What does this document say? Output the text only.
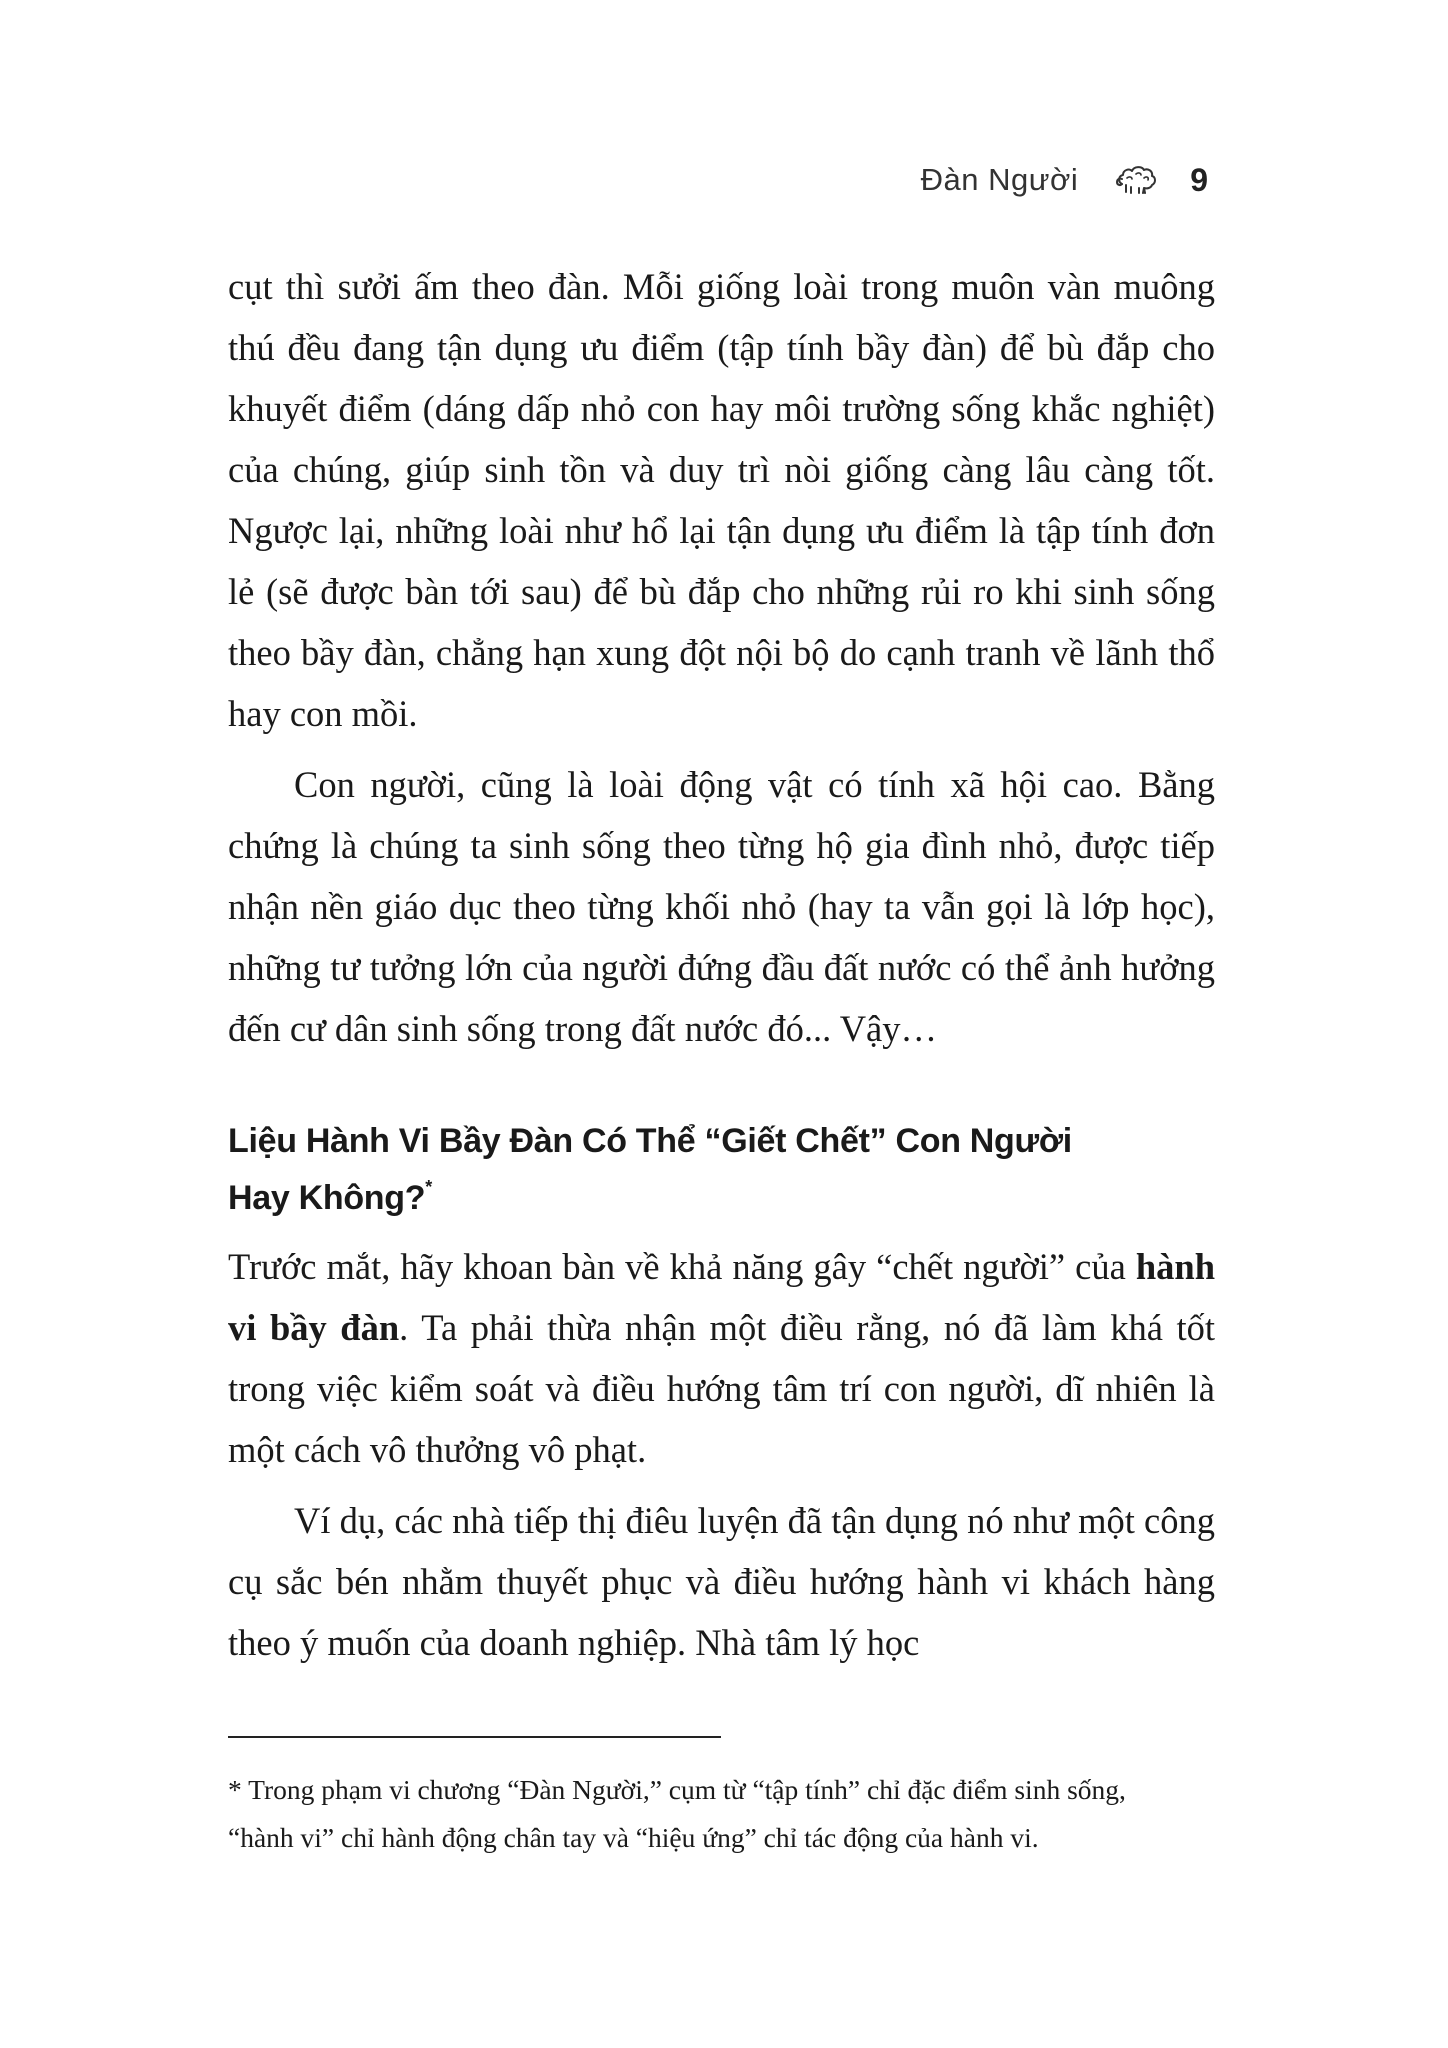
Đàn Người	9

cụt thì sưởi ấm theo đàn. Mỗi giống loài trong muôn vàn muông thú đều đang tận dụng ưu điểm (tập tính bầy đàn) để bù đắp cho khuyết điểm (dáng dấp nhỏ con hay môi trường sống khắc nghiệt) của chúng, giúp sinh tồn và duy trì nòi giống càng lâu càng tốt. Ngược lại, những loài như hổ lại tận dụng ưu điểm là tập tính đơn lẻ (sẽ được bàn tới sau) để bù đắp cho những rủi ro khi sinh sống theo bầy đàn, chẳng hạn xung đột nội bộ do cạnh tranh về lãnh thổ hay con mồi.

Con người, cũng là loài động vật có tính xã hội cao. Bằng chứng là chúng ta sinh sống theo từng hộ gia đình nhỏ, được tiếp nhận nền giáo dục theo từng khối nhỏ (hay ta vẫn gọi là lớp học), những tư tưởng lớn của người đứng đầu đất nước có thể ảnh hưởng đến cư dân sinh sống trong đất nước đó... Vậy…

Liệu Hành Vi Bầy Đàn Có Thể “Giết Chết” Con Người
Hay Không?*

Trước mắt, hãy khoan bàn về khả năng gây “chết người” của hành vi bầy đàn. Ta phải thừa nhận một điều rằng, nó đã làm khá tốt trong việc kiểm soát và điều hướng tâm trí con người, dĩ nhiên là một cách vô thưởng vô phạt.

Ví dụ, các nhà tiếp thị điêu luyện đã tận dụng nó như một công cụ sắc bén nhằm thuyết phục và điều hướng hành vi khách hàng theo ý muốn của doanh nghiệp. Nhà tâm lý học

* Trong phạm vi chương “Đàn Người,” cụm từ “tập tính” chỉ đặc điểm sinh sống,

“hành vi” chỉ hành động chân tay và “hiệu ứng” chỉ tác động của hành vi.
